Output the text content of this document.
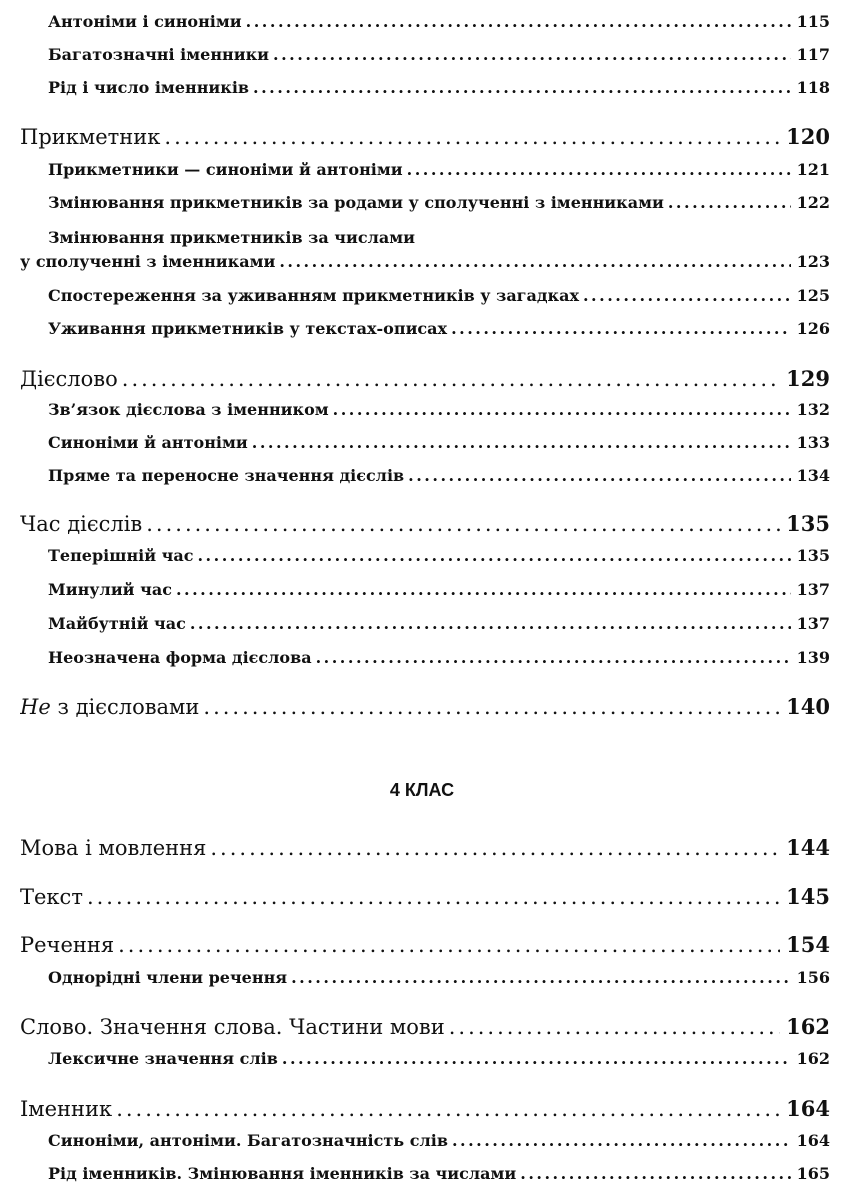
Антоніми і синоніми .....	115
Багатозначні іменники .....	117
Рід і число іменників .....	118
Прикметник .....	120
Прикметники — синоніми й антоніми .....	121
Змінювання прикметників за родами у сполученні з іменниками .....	122
Змінювання прикметників за числами
у сполученні з іменниками .....	123
Спостереження за уживанням прикметників у загадках .....	125
Уживання прикметників у текстах-описах .....	126
Дієслово .....	129
Зв’язок дієслова з іменником .....	132
Синоніми й антоніми .....	133
Пряме та переносне значення дієслів .....	134
Час дієслів .....	135
Теперішній час .....	135
Минулий час .....	137
Майбутній час .....	137
Неозначена форма дієслова .....	139
Не з дієсловами .....	140
4 КЛАС
Мова і мовлення .....	144
Текст .....	145
Речення .....	154
Однорідні члени речення .....	156
Слово. Значення слова. Частини мови .....	162
Лексичне значення слів .....	162
Іменник .....	164
Синоніми, антоніми. Багатозначність слів .....	164
Рід іменників. Змінювання іменників за числами .....	165
